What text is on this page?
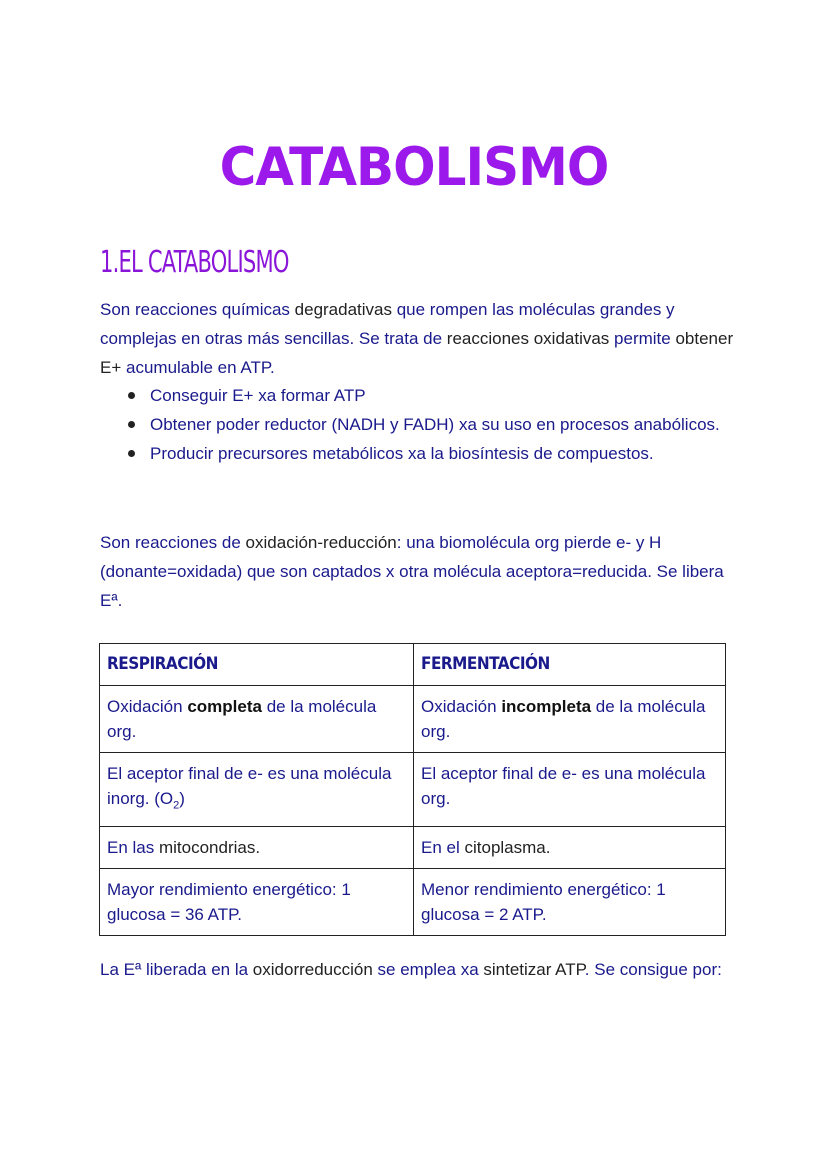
CATABOLISMO
1.EL CATABOLISMO
Son reacciones químicas degradativas que rompen las moléculas grandes y complejas en otras más sencillas. Se trata de reacciones oxidativas permite obtener E+ acumulable en ATP.
Conseguir E+ xa formar ATP
Obtener poder reductor (NADH y FADH) xa su uso en procesos anabólicos.
Producir precursores metabólicos xa la biosíntesis de compuestos.
Son reacciones de oxidación-reducción: una biomolécula org pierde e- y H (donante=oxidada) que son captados x otra molécula aceptora=reducida. Se libera Eª.
RESPIRACIÓN	FERMENTACIÓN
Oxidación completa de la molécula org.	Oxidación incompleta de la molécula org.
El aceptor final de e- es una molécula inorg. $(O_2)$	El aceptor final de e- es una molécula org.
En las mitocondrias.	En el citoplasma.
Mayor rendimiento energético: 1 glucosa = 36 ATP.	Menor rendimiento energético: 1 glucosa = 2 ATP.
La Eª liberada en la oxidorreducción se emplea xa sintetizar ATP. Se consigue por:
